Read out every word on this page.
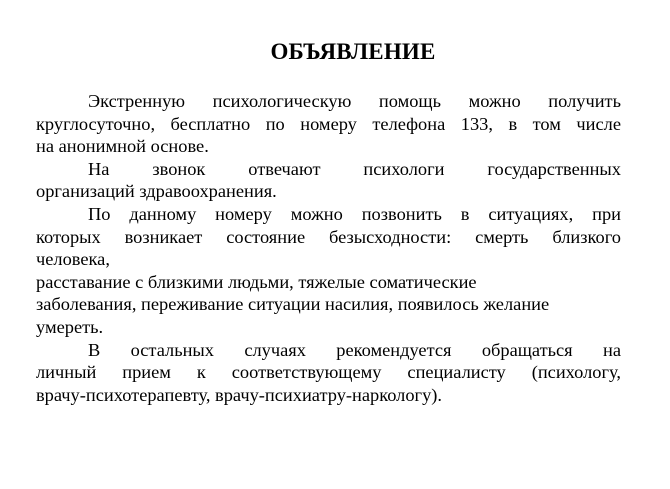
ОБЪЯВЛЕНИЕ
Экстренную психологическую помощь можно получить
круглосуточно, бесплатно по номеру телефона 133, в том числе
на анонимной основе.
На звонок отвечают психологи государственных
организаций здравоохранения.
По данному номеру можно позвонить в ситуациях, при
которых возникает состояние безысходности: смерть близкого
человека,
расставание с близкими людьми, тяжелые соматические
заболевания, переживание ситуации насилия, появилось желание
умереть.
В остальных случаях рекомендуется обращаться на
личный прием к соответствующему специалисту (психологу,
врачу-психотерапевту, врачу-психиатру-наркологу).
